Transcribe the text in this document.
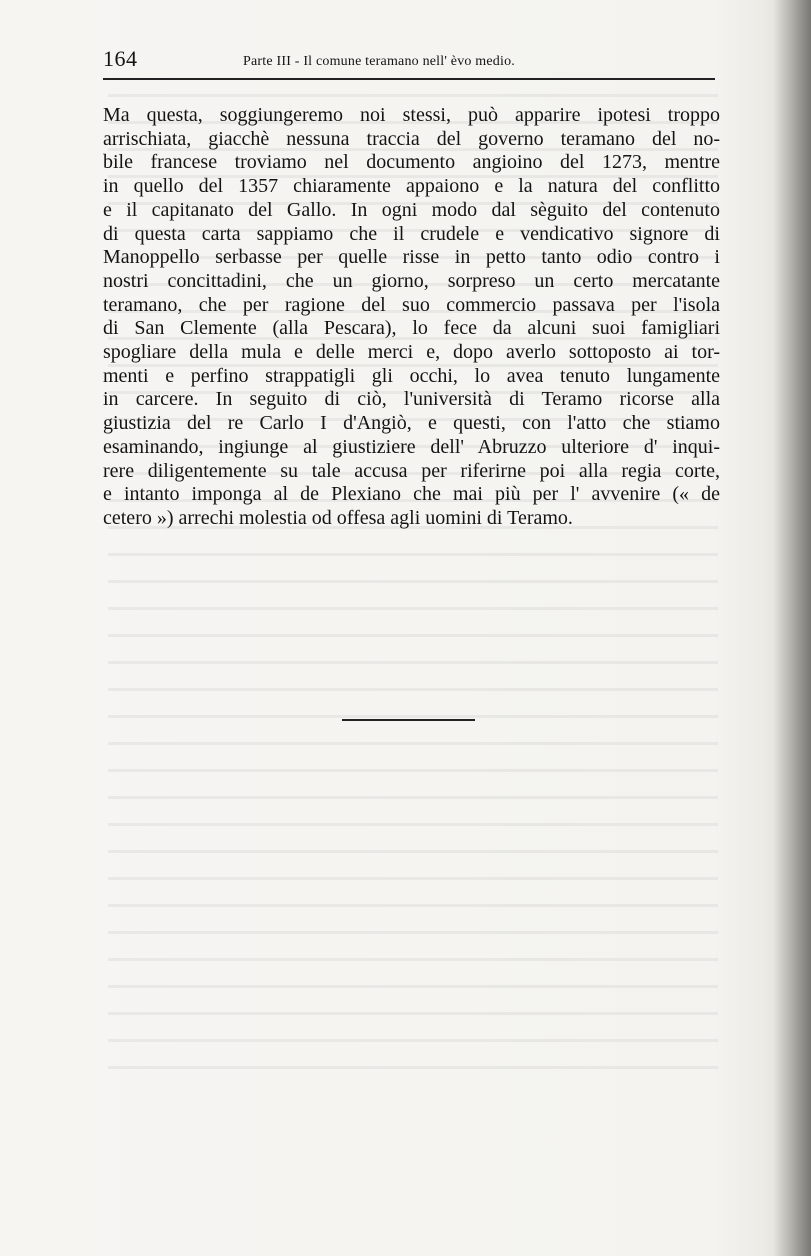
164	Parte III - Il comune teramano nell' èvo medio.

Ma questa, soggiungeremo noi stessi, può apparire ipotesi troppo
arrischiata, giacchè nessuna traccia del governo teramano del no-
bile francese troviamo nel documento angioino del 1273, mentre
in quello del 1357 chiaramente appaiono e la natura del conflitto
e il capitanato del Gallo. In ogni modo dal sèguito del contenuto
di questa carta sappiamo che il crudele e vendicativo signore di
Manoppello serbasse per quelle risse in petto tanto odio contro i
nostri concittadini, che un giorno, sorpreso un certo mercatante
teramano, che per ragione del suo commercio passava per l'isola
di San Clemente (alla Pescara), lo fece da alcuni suoi famigliari
spogliare della mula e delle merci e, dopo averlo sottoposto ai tor-
menti e perfino strappatigli gli occhi, lo avea tenuto lungamente
in carcere. In seguito di ciò, l'università di Teramo ricorse alla
giustizia del re Carlo I d'Angiò, e questi, con l'atto che stiamo
esaminando, ingiunge al giustiziere dell' Abruzzo ulteriore d' inqui-
rere diligentemente su tale accusa per riferirne poi alla regia corte,
e intanto imponga al de Plexiano che mai più per l' avvenire (« de
cetero ») arrechi molestia od offesa agli uomini di Teramo.
